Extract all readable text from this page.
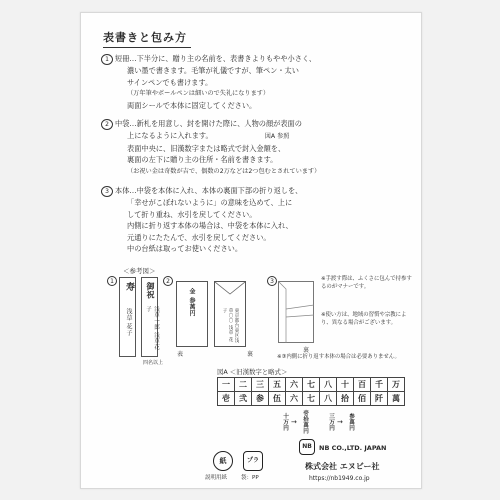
表書きと包み方
1 短冊…下半分に、贈り主の名前を、表書きよりもやや小さく、
濃い墨で書きます。毛筆が礼儀ですが、筆ペン・太い
サインペンでも書けます。
（万年筆やボールペンは細いので失礼になります）
両面シールで本体に固定してください。
2 中袋…新札を用意し、封を開けた際に、人物の顔が表面の
上になるように入れます。	図A 参照
表面中央に、旧漢数字または略式で封入金額を、
裏面の左下に贈り主の住所・名前を書きます。
（お祝い金は奇数が吉で、偶数の2万などは2つ包むとされています）
3 本体…中袋を本体に入れ、本体の裏面下部の折り返しを、
「幸せがこぼれないように」の意味を込めて、上に
して折り重ね、水引を戻してください。
内側に折り返す本体の場合は、中袋を本体に入れ、
元通りにたたんで、水引を戻してください。
中の台紙は取ってお使いください。
＜参考図＞
1
寿
浅草 花子
御祝
浅草一郎 浅草花子
四名以上
2
金 参萬円
表
東京都台東区浅草〇〇 浅草 花子
裏
3
裏
※手渡す際は、ふくさに包んで持参するのがマナーです。
※使い方は、地域の習慣や宗教により、異なる場合がございます。
※③内側に折り返す本体の場合は必要ありません。
図A ＜旧漢数字と略式＞
一	二	三	五	六	七	八	十	百	千	万
壱	弐	参	伍	六	七	八	拾	佰	阡	萬
十万円 → 壱拾萬円	三万円 → 参萬円
紙
説明用紙
プラ
袋：PP
NB	NB CO.,LTD. JAPAN
株式会社 エヌビー社
https://nb1949.co.jp
